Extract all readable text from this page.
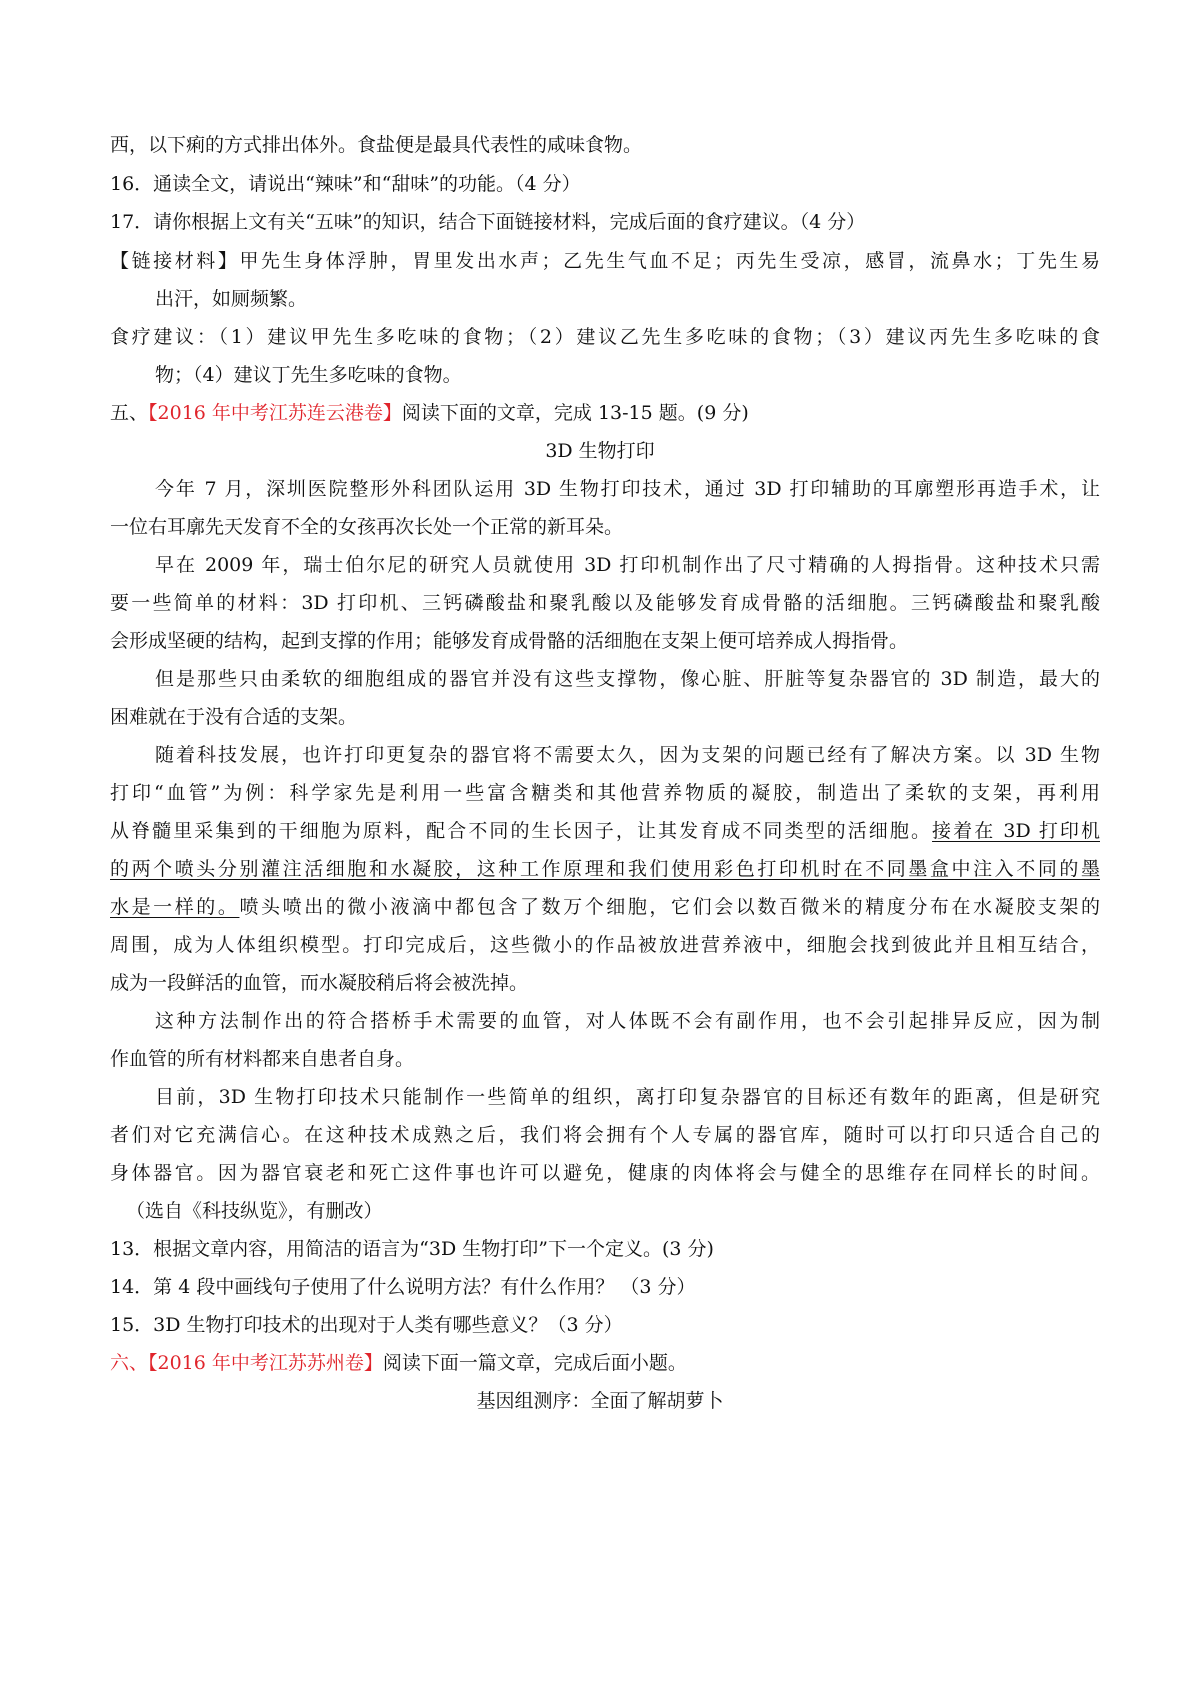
西，以下痢的方式排出体外。食盐便是最具代表性的咸味食物。
16．通读全文，请说出“辣味”和“甜味”的功能。（4 分）
17．请你根据上文有关“五味”的知识，结合下面链接材料，完成后面的食疗建议。（4 分）
【链接材料】甲先生身体浮肿，胃里发出水声；乙先生气血不足；丙先生受凉，感冒，流鼻水；丁先生易
出汗，如厕频繁。
食疗建议：（1）建议甲先生多吃味的食物；（2）建议乙先生多吃味的食物；（3）建议丙先生多吃味的食
物；（4）建议丁先生多吃味的食物。
五、【2016 年中考江苏连云港卷】阅读下面的文章，完成 13-15 题。(9 分)
3D 生物打印
今年 7 月，深圳医院整形外科团队运用 3D 生物打印技术，通过 3D 打印辅助的耳廓塑形再造手术，让
一位右耳廓先天发育不全的女孩再次长处一个正常的新耳朵。
早在 2009 年，瑞士伯尔尼的研究人员就使用 3D 打印机制作出了尺寸精确的人拇指骨。这种技术只需
要一些简单的材料：3D 打印机、三钙磷酸盐和聚乳酸以及能够发育成骨骼的活细胞。三钙磷酸盐和聚乳酸
会形成坚硬的结构，起到支撑的作用；能够发育成骨骼的活细胞在支架上便可培养成人拇指骨。
但是那些只由柔软的细胞组成的器官并没有这些支撑物，像心脏、肝脏等复杂器官的 3D 制造，最大的
困难就在于没有合适的支架。
随着科技发展，也许打印更复杂的器官将不需要太久，因为支架的问题已经有了解决方案。以 3D 生物
打印“血管”为例：科学家先是利用一些富含糖类和其他营养物质的凝胶，制造出了柔软的支架，再利用
从脊髓里采集到的干细胞为原料，配合不同的生长因子，让其发育成不同类型的活细胞。接着在 3D 打印机
的两个喷头分别灌注活细胞和水凝胶，这种工作原理和我们使用彩色打印机时在不同墨盒中注入不同的墨
水是一样的。喷头喷出的微小液滴中都包含了数万个细胞，它们会以数百微米的精度分布在水凝胶支架的
周围，成为人体组织模型。打印完成后，这些微小的作品被放进营养液中，细胞会找到彼此并且相互结合，
成为一段鲜活的血管，而水凝胶稍后将会被洗掉。
这种方法制作出的符合搭桥手术需要的血管，对人体既不会有副作用，也不会引起排异反应，因为制
作血管的所有材料都来自患者自身。
目前，3D 生物打印技术只能制作一些简单的组织，离打印复杂器官的目标还有数年的距离，但是研究
者们对它充满信心。在这种技术成熟之后，我们将会拥有个人专属的器官库，随时可以打印只适合自己的
身体器官。因为器官衰老和死亡这件事也许可以避免，健康的肉体将会与健全的思维存在同样长的时间。
（选自《科技纵览》，有删改）
13．根据文章内容，用简洁的语言为“3D 生物打印”下一个定义。(3 分)
14．第 4 段中画线句子使用了什么说明方法？有什么作用？ （3 分）
15．3D 生物打印技术的出现对于人类有哪些意义？（3 分）
六、【2016 年中考江苏苏州卷】阅读下面一篇文章，完成后面小题。
基因组测序：全面了解胡萝卜
